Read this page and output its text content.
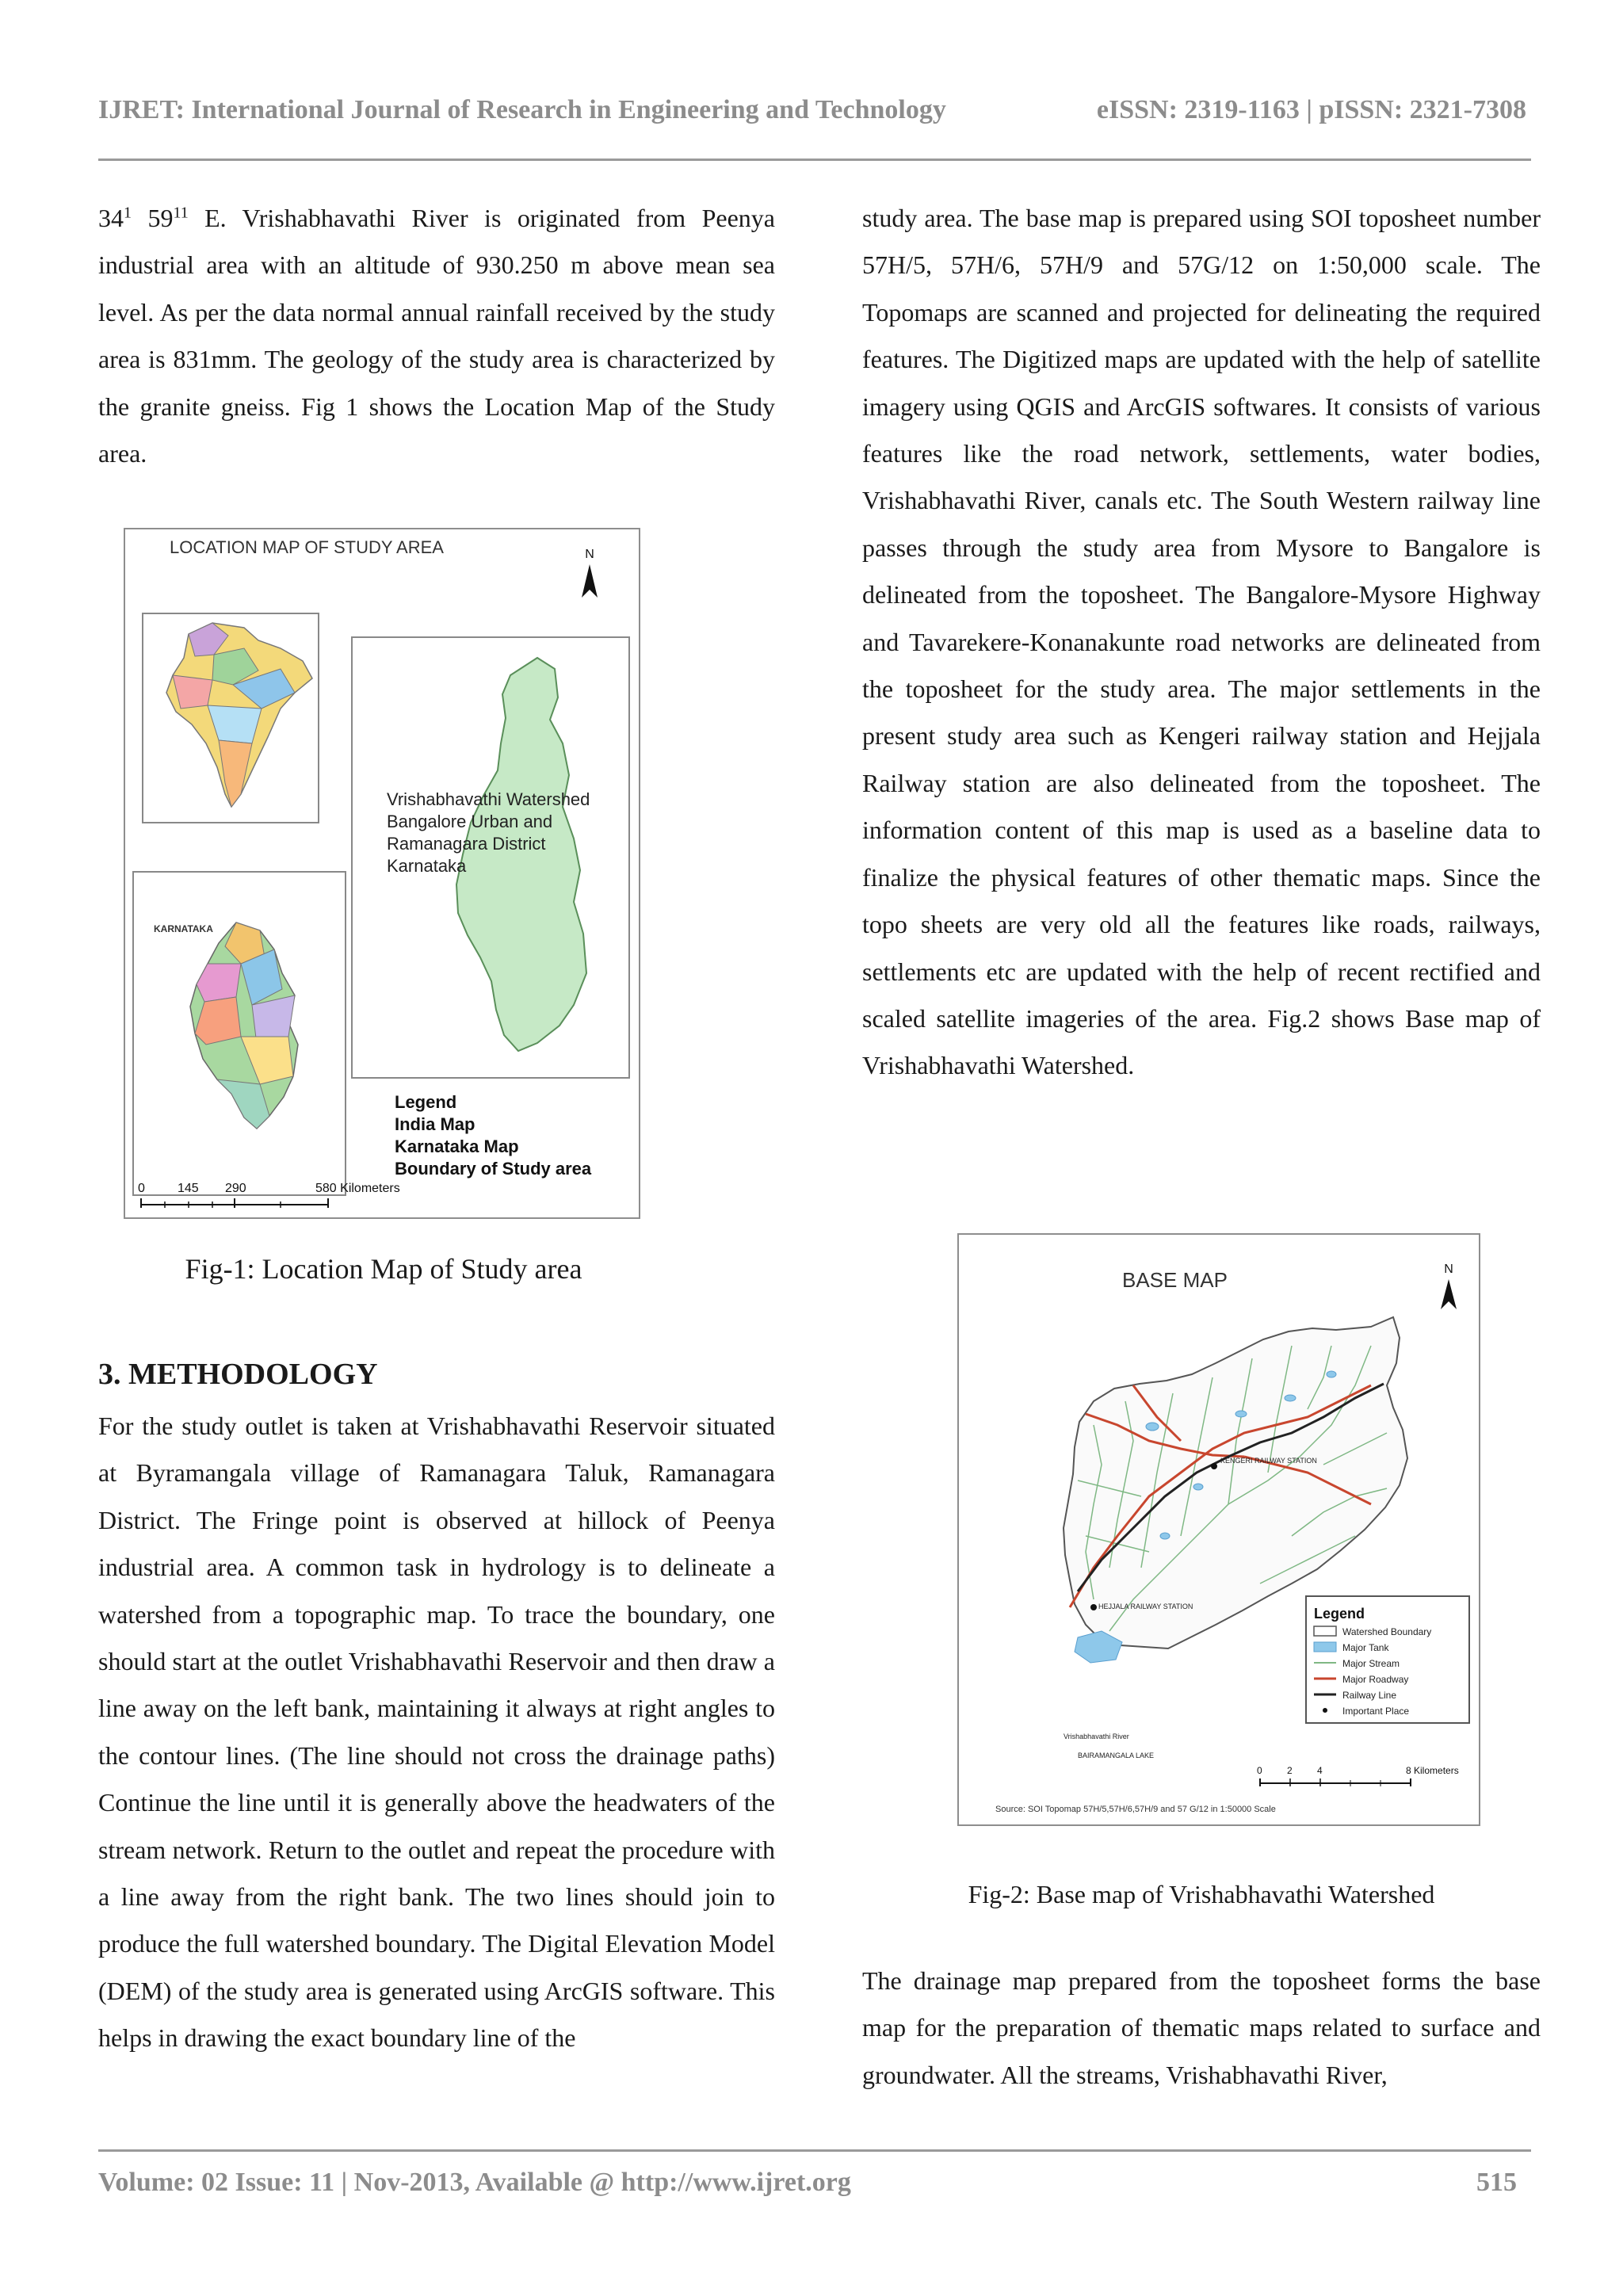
IJRET: International Journal of Research in Engineering and Technology	eISSN: 2319-1163 | pISSN: 2321-7308

$34^1$ $59^{11}$ E. Vrishabhavathi River is originated from Peenya industrial area with an altitude of 930.250 m above mean sea level. As per the data normal annual rainfall received by the study area is 831mm. The geology of the study area is characterized by the granite gneiss. Fig 1 shows the Location Map of the Study area.

LOCATION MAP OF STUDY AREA	N
KARNATAKA
Vrishabhavathi Watershed
Bangalore Urban and
Ramanagara District
Karnataka
Legend
India Map
Karnataka Map
Boundary of Study area
0	145 290	580 Kilometers
Fig-1: Location Map of Study area
3. METHODOLOGY

For the study outlet is taken at Vrishabhavathi Reservoir situated at Byramangala village of Ramanagara Taluk, Ramanagara District. The Fringe point is observed at hillock of Peenya industrial area. A common task in hydrology is to delineate a watershed from a topographic map. To trace the boundary, one should start at the outlet Vrishabhavathi Reservoir and then draw a line away on the left bank, maintaining it always at right angles to the contour lines. (The line should not cross the drainage paths) Continue the line until it is generally above the headwaters of the stream network. Return to the outlet and repeat the procedure with a line away from the right bank. The two lines should join to produce the full watershed boundary. The Digital Elevation Model (DEM) of the study area is generated using ArcGIS software. This helps in drawing the exact boundary line of the

study area. The base map is prepared using SOI toposheet number 57H/5, 57H/6, 57H/9 and 57G/12 on 1:50,000 scale. The Topomaps are scanned and projected for delineating the required features. The Digitized maps are updated with the help of satellite imagery using QGIS and ArcGIS softwares. It consists of various features like the road network, settlements, water bodies, Vrishabhavathi River, canals etc. The South Western railway line passes through the study area from Mysore to Bangalore is delineated from the toposheet. The Bangalore-Mysore Highway and Tavarekere-Konanakunte road networks are delineated from the toposheet for the study area. The major settlements in the present study area such as Kengeri railway station and Hejjala Railway station are also delineated from the toposheet. The information content of this map is used as a baseline data to finalize the physical features of other thematic maps. Since the topo sheets are very old all the features like roads, railways, settlements etc are updated with the help of recent rectified and scaled satellite imageries of the area. Fig.2 shows Base map of Vrishabhavathi Watershed.

BASE MAP	N
KENGERI RAILWAY STATION
HEJJALA RAILWAY STATION
Vrishabhavathi River
BAIRAMANGALA LAKE
Legend
Watershed Boundary
Major Tank
Major Stream
Major Roadway
Railway Line
Important Place
0	2	4	8 Kilometers
Source: SOI Topomap 57H/5,57H/6,57H/9 and 57 G/12 in 1:50000 Scale
Fig-2: Base map of Vrishabhavathi Watershed

The drainage map prepared from the toposheet forms the base map for the preparation of thematic maps related to surface and groundwater. All the streams, Vrishabhavathi River,

Volume: 02 Issue: 11 | Nov-2013, Available @ http://www.ijret.org	515
